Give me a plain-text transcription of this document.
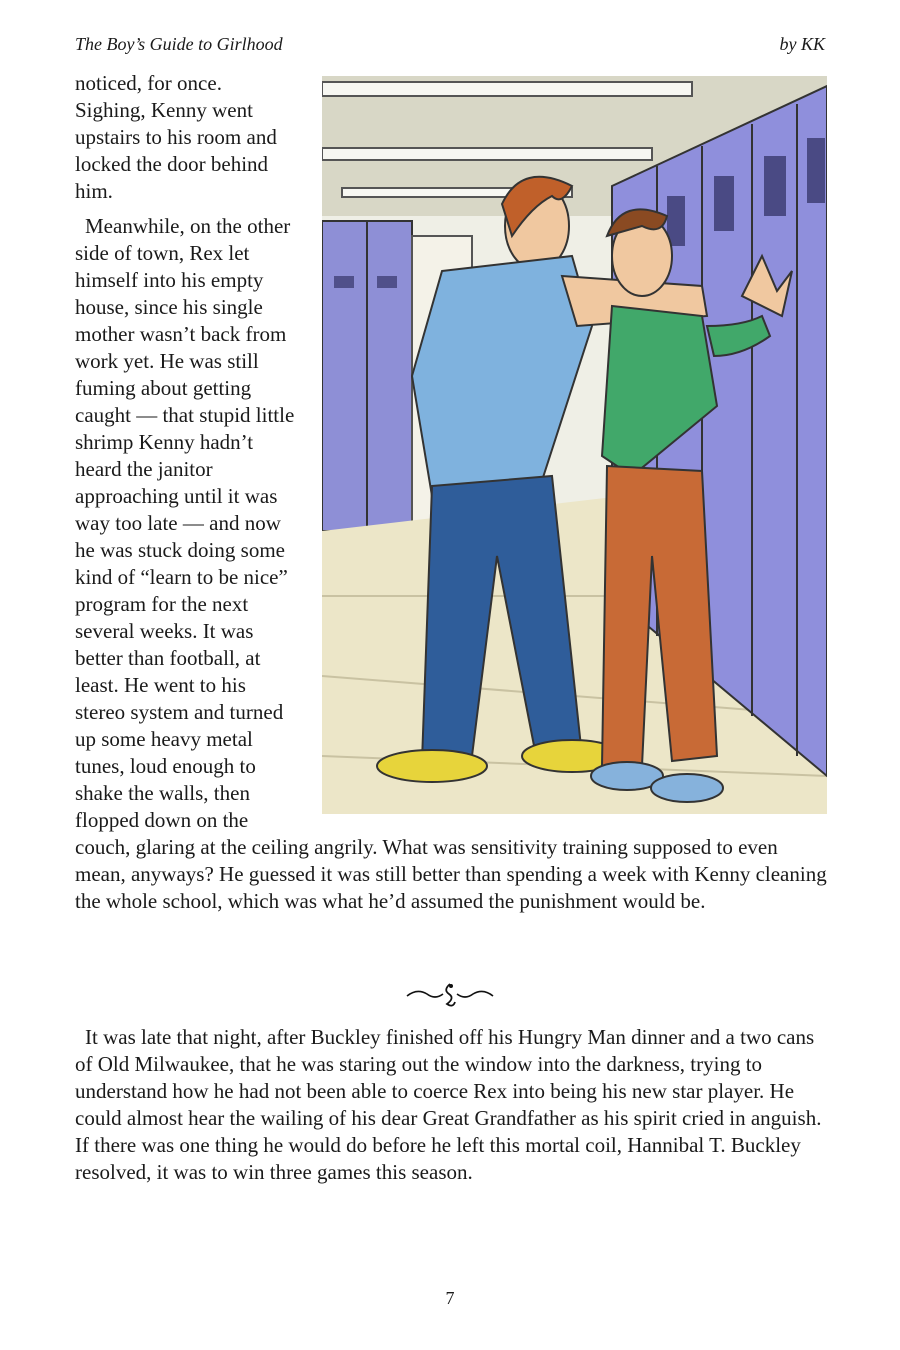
The Boy’s Guide to Girlhood	by KK

noticed, for once. Sighing, Kenny went upstairs to his room and locked the door behind him.

Meanwhile, on the other side of town, Rex let himself into his empty house, since his single mother wasn’t back from work yet. He was still fuming about getting caught — that stupid little shrimp Kenny hadn’t heard the janitor approaching until it was way too late — and now he was stuck doing some kind of “learn to be nice” program for the next several weeks. It was better than football, at least. He went to his stereo system and turned up some heavy metal tunes, loud enough to shake the walls, then flopped down on the couch, glaring at the ceiling angrily. What was sensitivity training supposed to even mean, anyways? He guessed it was still better than spending a week with Kenny cleaning the whole school, which was what he’d assumed the punishment would be.

It was late that night, after Buckley finished off his Hungry Man dinner and a two cans of Old Milwaukee, that he was staring out the window into the darkness, trying to understand how he had not been able to coerce Rex into being his new star player. He could almost hear the wailing of his dear Great Grandfather as his spirit cried in anguish. If there was one thing he would do before he left this mortal coil, Hannibal T. Buckley resolved, it was to win three games this season.

7
